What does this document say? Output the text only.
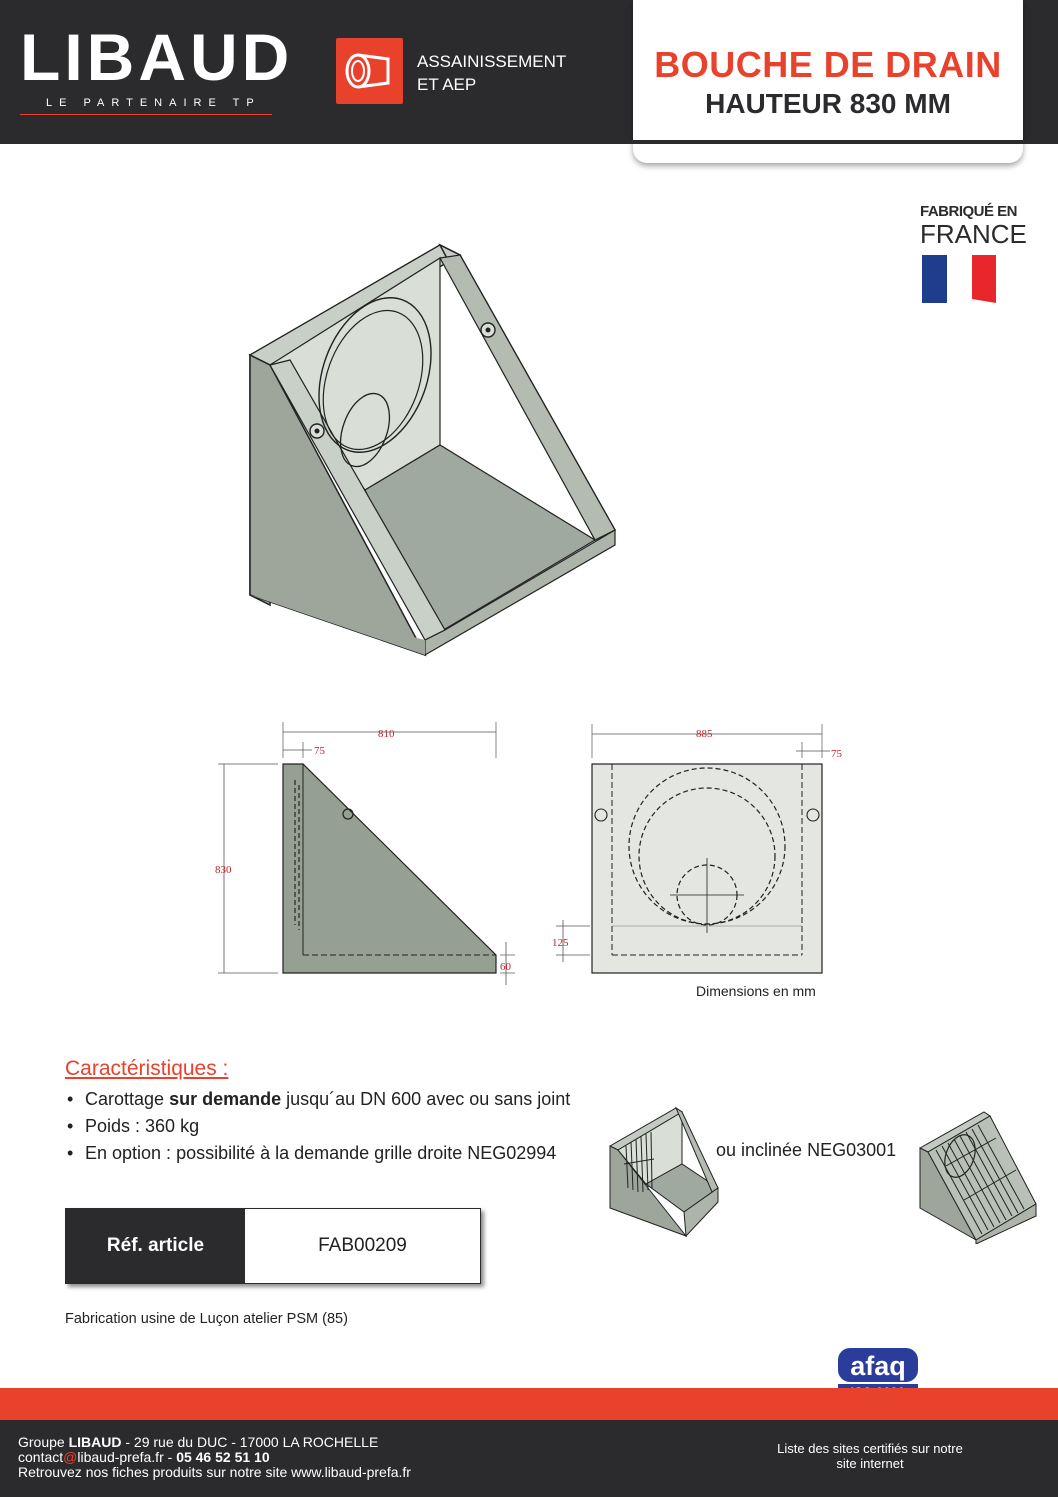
LIBAUD
LE PARTENAIRE TP
ASSAINISSEMENT
ET AEP	BOUCHE DE DRAIN
HAUTEUR 830 MM
FABRIQUÉ EN
FRANCE
810
75
830
60
885
75
125
Dimensions en mm
Caractéristiques :
• Carottage sur demande jusqu´au DN 600 avec ou sans joint
• Poids : 360 kg
• En option : possibilité à la demande grille droite NEG02994	ou inclinée NEG03001
Réf. article	FAB00209
Fabrication usine de Luçon atelier PSM (85)
afaq
Groupe LIBAUD - 29 rue du DUC - 17000 LA ROCHELLE
contact@libaud-prefa.fr - 05 46 52 51 10
Retrouvez nos fiches produits sur notre site www.libaud-prefa.fr
Liste des sites certifiés sur notre
site internet
